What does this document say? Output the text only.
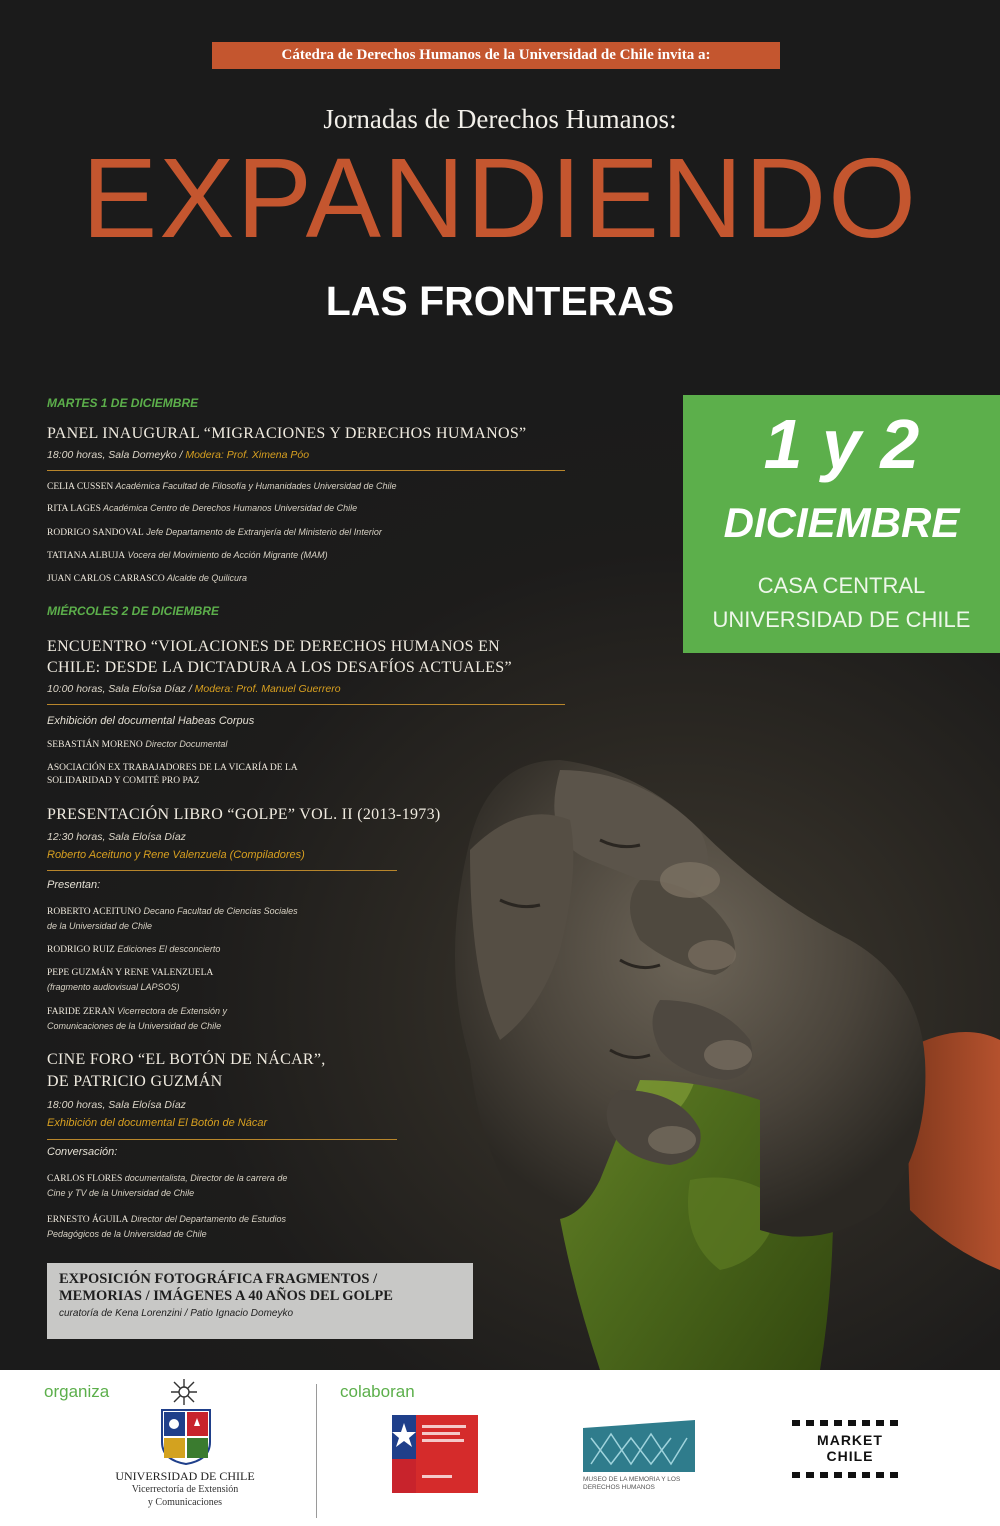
Cátedra de Derechos Humanos de la Universidad de Chile invita a:
Jornadas de Derechos Humanos:
EXPANDIENDO
LAS FRONTERAS
1 y 2
DICIEMBRE
CASA CENTRAL
UNIVERSIDAD DE CHILE
MARTES 1 DE DICIEMBRE
PANEL INAUGURAL “MIGRACIONES Y DERECHOS HUMANOS”
18:00 horas, Sala Domeyko / Modera: Prof. Ximena Póo
CELIA CUSSEN Académica Facultad de Filosofía y Humanidades Universidad de Chile
RITA LAGES Académica Centro de Derechos Humanos Universidad de Chile
RODRIGO SANDOVAL Jefe Departamento de Extranjería del Ministerio del Interior
TATIANA ALBUJA Vocera del Movimiento de Acción Migrante (MAM)
JUAN CARLOS CARRASCO Alcalde de Quilicura
MIÉRCOLES 2 DE DICIEMBRE
ENCUENTRO “VIOLACIONES DE DERECHOS HUMANOS EN
CHILE: DESDE LA DICTADURA A LOS DESAFÍOS ACTUALES”
10:00 horas, Sala Eloísa Díaz / Modera: Prof. Manuel Guerrero
Exhibición del documental Habeas Corpus
SEBASTIÁN MORENO Director Documental
ASOCIACIÓN EX TRABAJADORES DE LA VICARÍA DE LA
SOLIDARIDAD Y COMITÉ PRO PAZ
PRESENTACIÓN LIBRO “GOLPE” VOL. II (2013-1973)
12:30 horas, Sala Eloísa Díaz
Roberto Aceituno y Rene Valenzuela (Compiladores)
Presentan:
ROBERTO ACEITUNO Decano Facultad de Ciencias Sociales
de la Universidad de Chile
RODRIGO RUIZ Ediciones El desconcierto
PEPE GUZMÁN Y RENE VALENZUELA
(fragmento audiovisual LAPSOS)
FARIDE ZERAN Vicerrectora de Extensión y
Comunicaciones de la Universidad de Chile
CINE FORO “EL BOTÓN DE NÁCAR”,
DE PATRICIO GUZMÁN
18:00 horas, Sala Eloísa Díaz
Exhibición del documental El Botón de Nácar
Conversación:
CARLOS FLORES documentalista, Director de la carrera de
Cine y TV de la Universidad de Chile
ERNESTO ÁGUILA Director del Departamento de Estudios
Pedagógicos de la Universidad de Chile
EXPOSICIÓN FOTOGRÁFICA FRAGMENTOS /
MEMORIAS / IMÁGENES A 40 AÑOS DEL GOLPE
curatoría de Kena Lorenzini / Patio Ignacio Domeyko
organiza	colaboran
UNIVERSIDAD DE CHILE
Vicerrectoría de Extensión
y Comunicaciones
MUSEO DE LA MEMORIA Y LOS DERECHOS HUMANOS
MARKET
CHILE
